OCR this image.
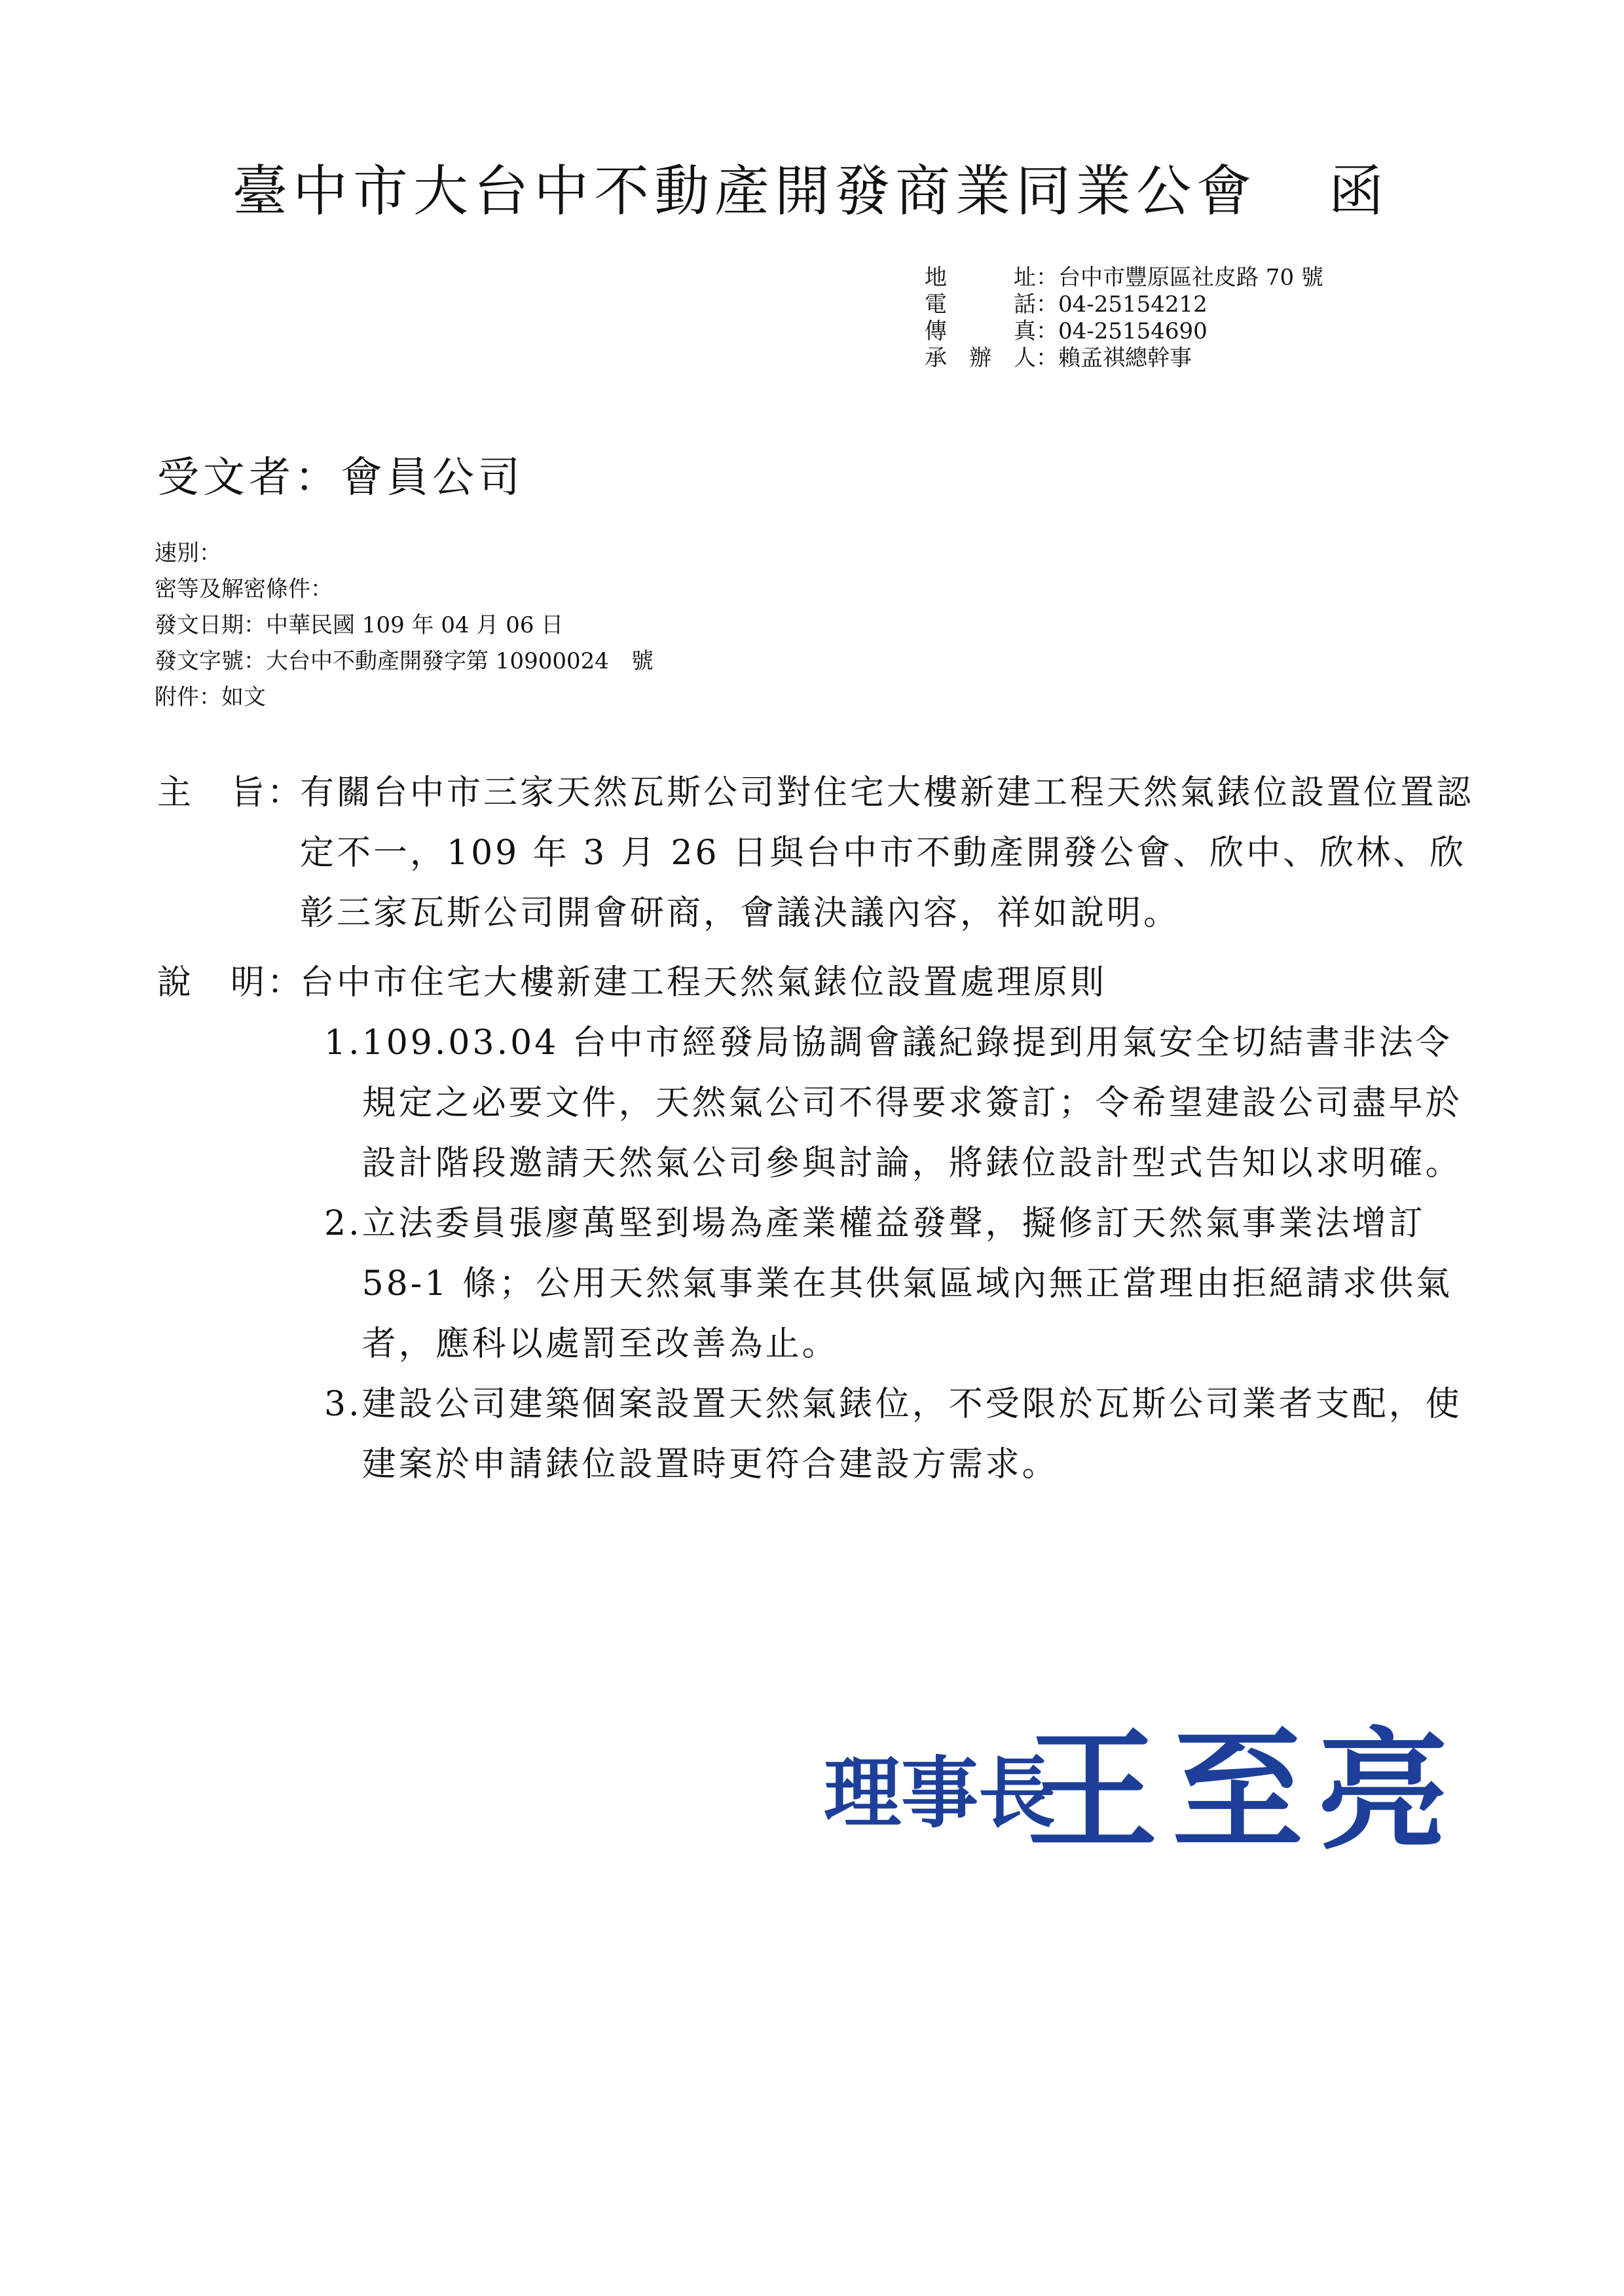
臺中市大台中不動產開發商業同業公會 函
地址：台中市豐原區社皮路 70 號
電話：04-25154212
傳真：04-25154690
承辦人：賴孟祺總幹事
受文者：會員公司
速別：
密等及解密條件：
發文日期：中華民國 109 年 04 月 06 日
發文字號：大台中不動產開發字第 10900024　號
附件：如文
主　旨：
有關台中市三家天然瓦斯公司對住宅大樓新建工程天然氣錶位設置位置認定不一，109 年 3 月 26 日與台中市不動產開發公會、欣中、欣林、欣彰三家瓦斯公司開會研商，會議決議內容，祥如說明。
說　明：
台中市住宅大樓新建工程天然氣錶位設置處理原則
1. 109.03.04 台中市經發局協調會議紀錄提到用氣安全切結書非法令規定之必要文件，天然氣公司不得要求簽訂；令希望建設公司盡早於設計階段邀請天然氣公司參與討論，將錶位設計型式告知以求明確。
2. 立法委員張廖萬堅到場為產業權益發聲，擬修訂天然氣事業法增訂 58-1 條；公用天然氣事業在其供氣區域內無正當理由拒絕請求供氣者，應科以處罰至改善為止。
3. 建設公司建築個案設置天然氣錶位，不受限於瓦斯公司業者支配，使建案於申請錶位設置時更符合建設方需求。
理事長
王至亮
